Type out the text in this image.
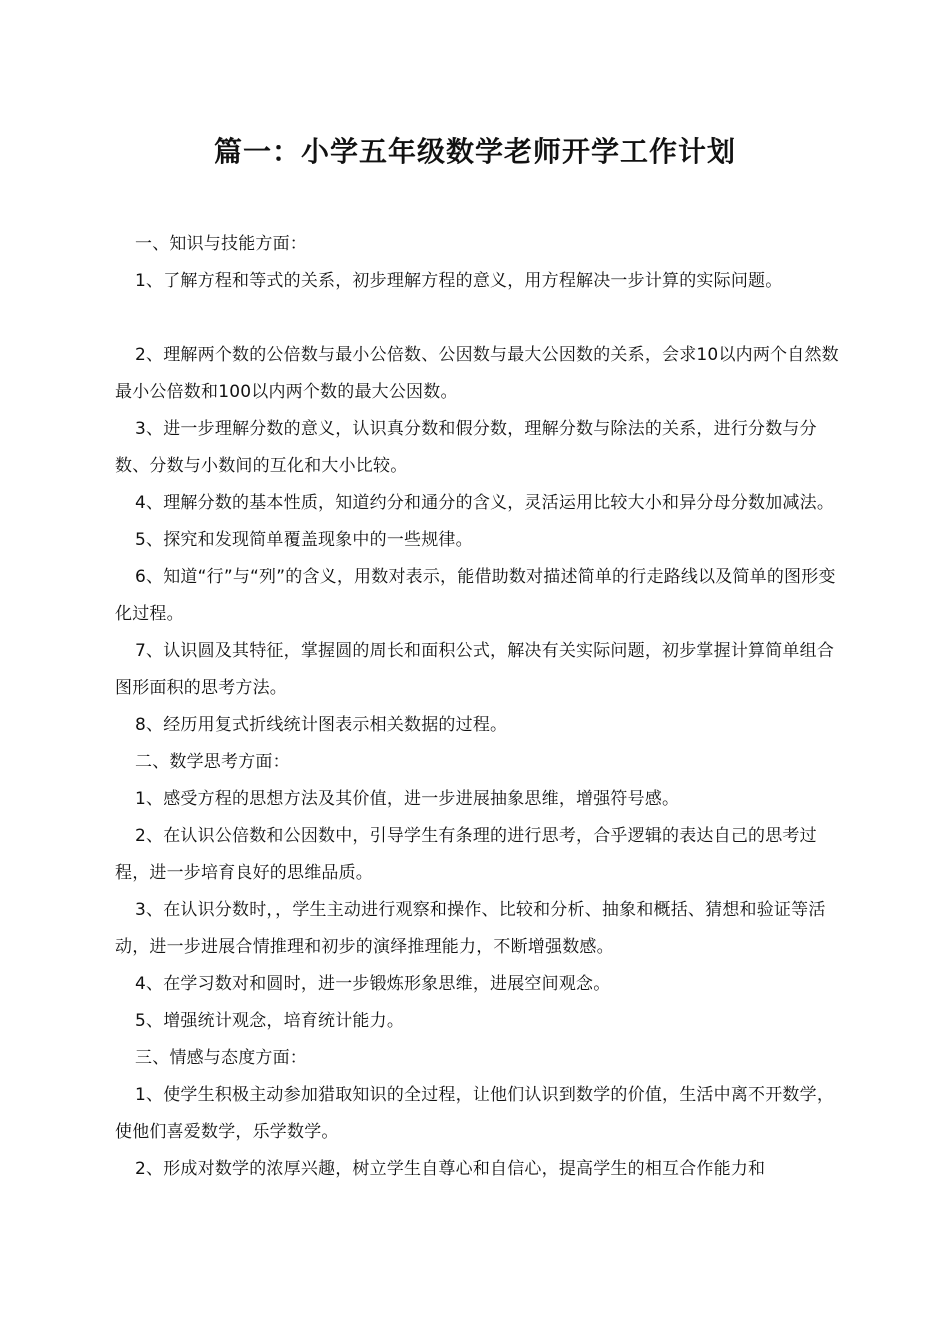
篇一：小学五年级数学老师开学工作计划

一、知识与技能方面：

1、了解方程和等式的关系，初步理解方程的意义，用方程解决一步计算的实际问题。

2、理解两个数的公倍数与最小公倍数、公因数与最大公因数的关系，会求10以内两个自然数最小公倍数和100以内两个数的最大公因数。

3、进一步理解分数的意义，认识真分数和假分数，理解分数与除法的关系，进行分数与分数、分数与小数间的互化和大小比较。

4、理解分数的基本性质，知道约分和通分的含义，灵活运用比较大小和异分母分数加减法。

5、探究和发现简单覆盖现象中的一些规律。

6、知道“行”与“列”的含义，用数对表示，能借助数对描述简单的行走路线以及简单的图形变化过程。

7、认识圆及其特征，掌握圆的周长和面积公式，解决有关实际问题，初步掌握计算简单组合图形面积的思考方法。

8、经历用复式折线统计图表示相关数据的过程。

二、数学思考方面：

1、感受方程的思想方法及其价值，进一步进展抽象思维，增强符号感。

2、在认识公倍数和公因数中，引导学生有条理的进行思考，合乎逻辑的表达自己的思考过程，进一步培育良好的思维品质。

3、在认识分数时，，学生主动进行观察和操作、比较和分析、抽象和概括、猜想和验证等活动，进一步进展合情推理和初步的演绎推理能力，不断增强数感。

4、在学习数对和圆时，进一步锻炼形象思维，进展空间观念。

5、增强统计观念，培育统计能力。

三、情感与态度方面：

1、使学生积极主动参加猎取知识的全过程，让他们认识到数学的价值，生活中离不开数学，使他们喜爱数学，乐学数学。

2、形成对数学的浓厚兴趣，树立学生自尊心和自信心，提高学生的相互合作能力和
